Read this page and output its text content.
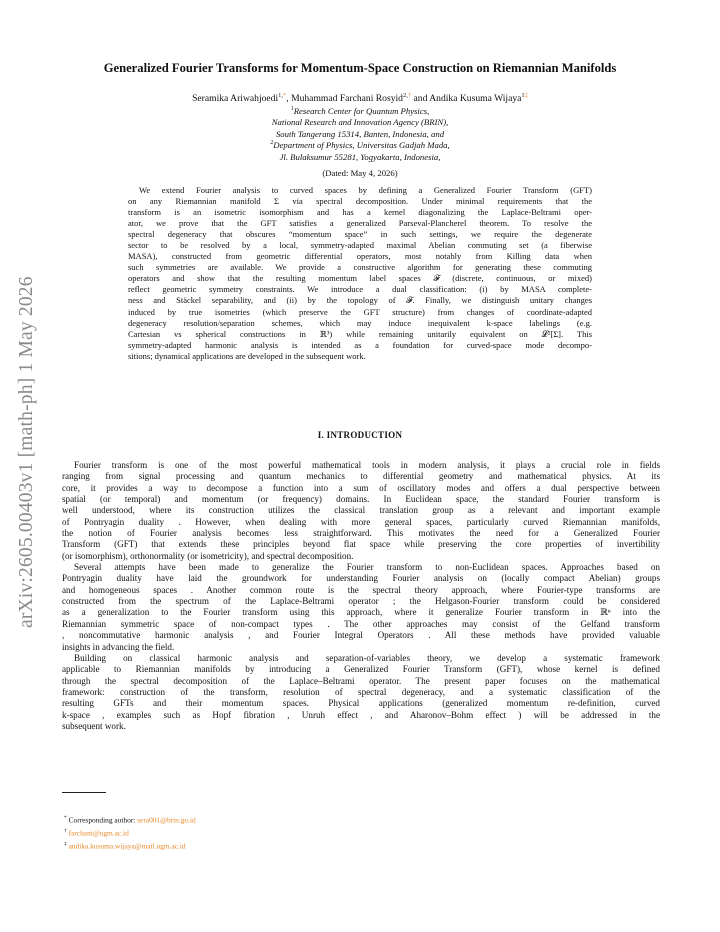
arXiv:2605.00403v1 [math-ph] 1 May 2026
Generalized Fourier Transforms for Momentum-Space Construction on Riemannian Manifolds
Seramika Ariwahjoedi$^{1,*}$, Muhammad Farchani Rosyid$^{2,\dagger}$ and Andika Kusuma Wijaya$^{1\ddagger}$
$^1$Research Center for Quantum Physics,
National Research and Innovation Agency (BRIN),
South Tangerang 15314, Banten, Indonesia, and
$^2$Department of Physics, Universitas Gadjah Mada,
Jl. Bulaksumur 55281, Yogyakarta, Indonesia,
(Dated: May 4, 2026)
We extend Fourier analysis to curved spaces by defining a Generalized Fourier Transform (GFT)
on any Riemannian manifold Σ via spectral decomposition. Under minimal requirements that the
transform is an isometric isomorphism and has a kernel diagonalizing the Laplace-Beltrami oper-
ator, we prove that the GFT satisfies a generalized Parseval-Plancherel theorem. To resolve the
spectral degeneracy that obscures “momentum space” in such settings, we require the degenerate
sector to be resolved by a local, symmetry-adapted maximal Abelian commuting set (a fiberwise
MASA), constructed from geometric differential operators, most notably from Killing data when
such symmetries are available. We provide a constructive algorithm for generating these commuting
operators and show that the resulting momentum label spaces 𝓕 (discrete, continuous, or mixed)
reflect geometric symmetry constraints. We introduce a dual classification: (i) by MASA complete-
ness and Stäckel separability, and (ii) by the topology of 𝓕. Finally, we distinguish unitary changes
induced by true isometries (which preserve the GFT structure) from changes of coordinate-adapted
degeneracy resolution/separation schemes, which may induce inequivalent k-space labelings (e.g.
Cartesian vs spherical constructions in ℝ³) while remaining unitarily equivalent on 𝓛²[Σ]. This
symmetry-adapted harmonic analysis is intended as a foundation for curved-space mode decompo-
sitions; dynamical applications are developed in the subsequent work.
I. INTRODUCTION
Fourier transform is one of the most powerful mathematical tools in modern analysis, it plays a crucial role in fields
ranging from signal processing and quantum mechanics to differential geometry and mathematical physics. At its
core, it provides a way to decompose a function into a sum of oscillatory modes and offers a dual perspective between
spatial (or temporal) and momentum (or frequency) domains. In Euclidean space, the standard Fourier transform is
well understood, where its construction utilizes the classical translation group as a relevant and important example
of Pontryagin duality . However, when dealing with more general spaces, particularly curved Riemannian manifolds,
the notion of Fourier analysis becomes less straightforward. This motivates the need for a Generalized Fourier
Transform (GFT) that extends these principles beyond flat space while preserving the core properties of invertibility
(or isomorphism), orthonormality (or isometricity), and spectral decomposition.
Several attempts have been made to generalize the Fourier transform to non-Euclidean spaces. Approaches based on
Pontryagin duality have laid the groundwork for understanding Fourier analysis on (locally compact Abelian) groups
and homogeneous spaces . Another common route is the spectral theory approach, where Fourier-type transforms are
constructed from the spectrum of the Laplace-Beltrami operator ; the Helgason-Fourier transform could be considered
as a generalization to the Fourier transform using this approach, where it generalize Fourier transform in ℝⁿ into the
Riemannian symmetric space of non-compact types . The other approaches may consist of the Gelfand transform
, noncommutative harmonic analysis , and Fourier Integral Operators . All these methods have provided valuable
insights in advancing the field.
Building on classical harmonic analysis and separation-of-variables theory, we develop a systematic framework
applicable to Riemannian manifolds by introducing a Generalized Fourier Transform (GFT), whose kernel is defined
through the spectral decomposition of the Laplace–Beltrami operator. The present paper focuses on the mathematical
framework: construction of the transform, resolution of spectral degeneracy, and a systematic classification of the
resulting GFTs and their momentum spaces. Physical applications (generalized momentum re-definition, curved
k-space , examples such as Hopf fibration , Unruh effect , and Aharonov–Bohm effect ) will be addressed in the
subsequent work.
* Corresponding author: sera001@brin.go.id
† farchani@ugm.ac.id
‡ andika.kusuma.wijaya@mail.ugm.ac.id
